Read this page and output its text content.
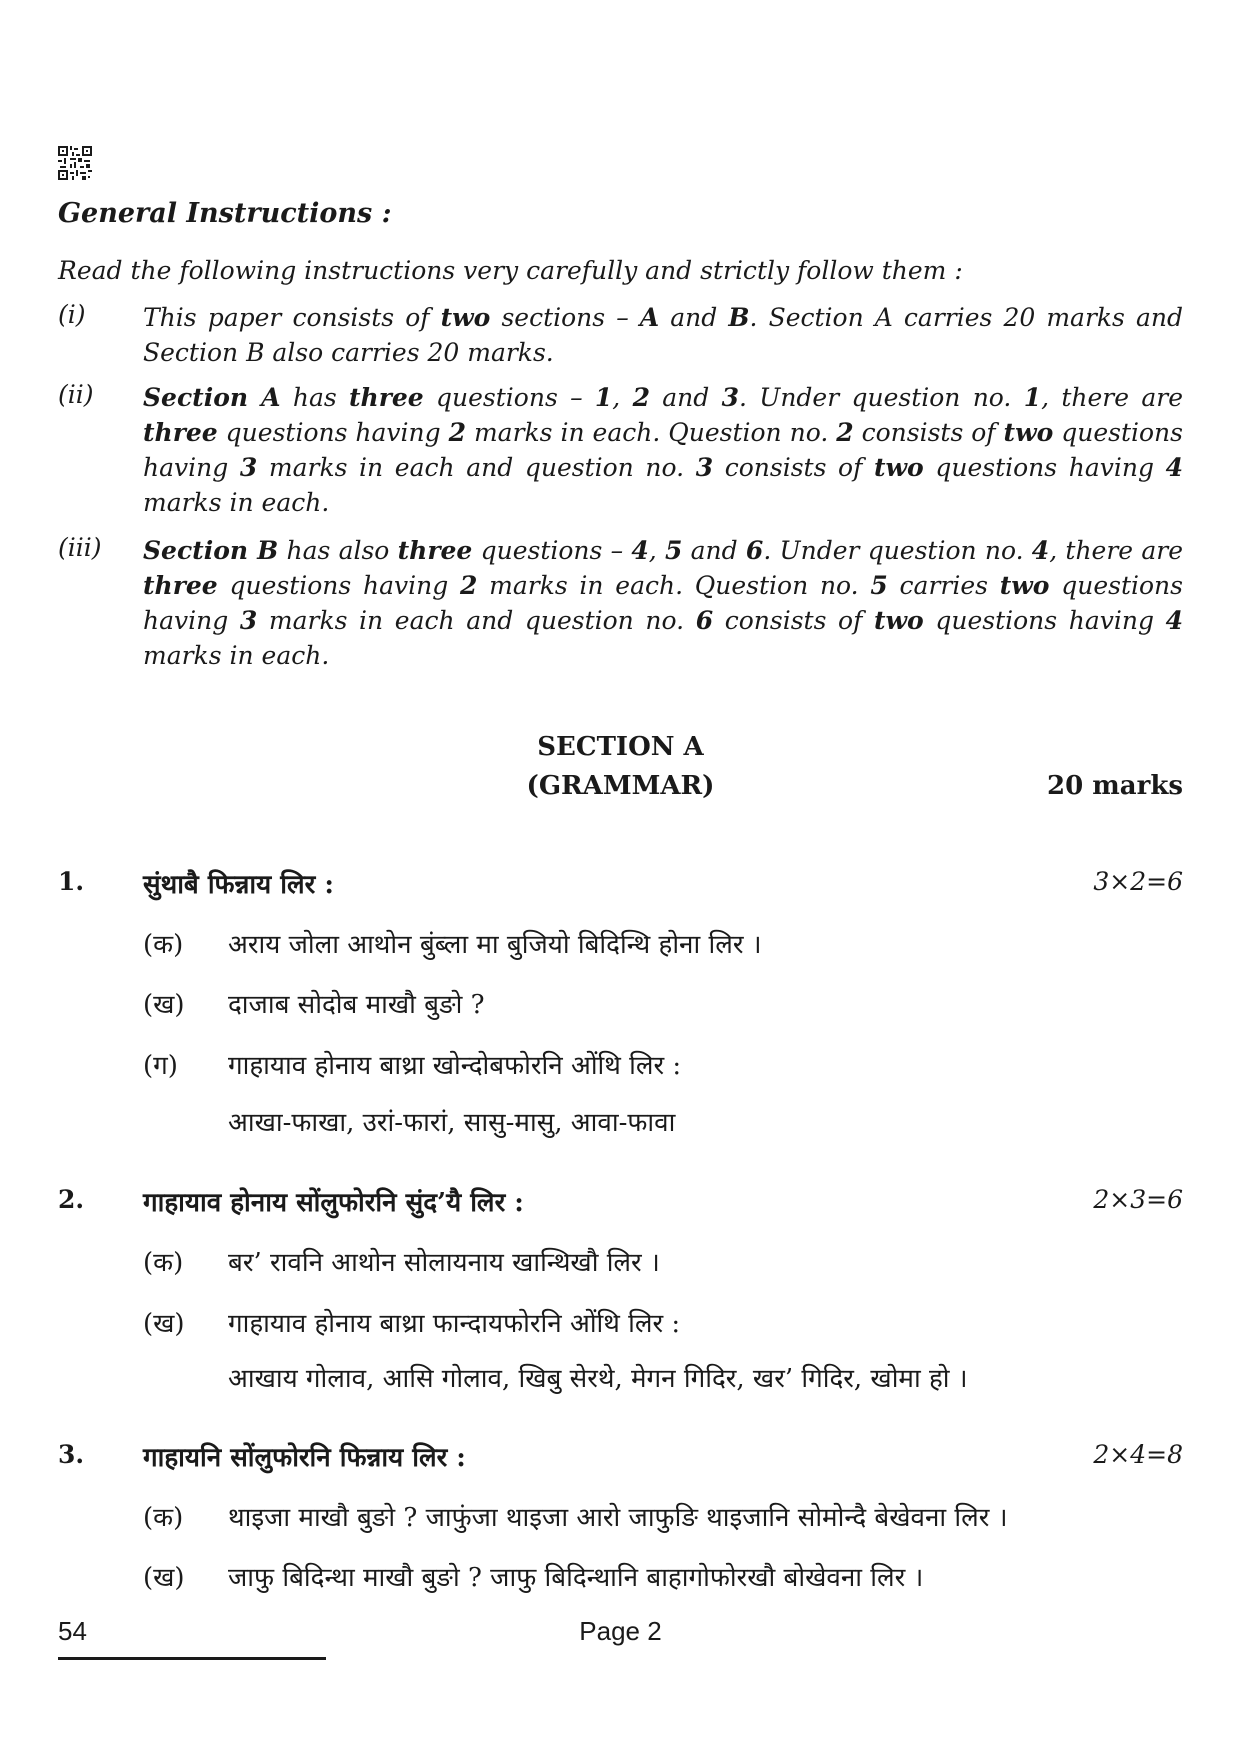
General Instructions :
Read the following instructions very carefully and strictly follow them :
(i) This paper consists of two sections – A and B. Section A carries 20 marks and Section B also carries 20 marks.
(ii) Section A has three questions – 1, 2 and 3. Under question no. 1, there are three questions having 2 marks in each. Question no. 2 consists of two questions having 3 marks in each and question no. 3 consists of two questions having 4 marks in each.
(iii) Section B has also three questions – 4, 5 and 6. Under question no. 4, there are three questions having 2 marks in each. Question no. 5 carries two questions having 3 marks in each and question no. 6 consists of two questions having 4 marks in each.
SECTION A
(GRAMMAR)	20 marks
1. सुंथाबै फिन्नाय लिर :	3×2=6
(क) अराय जोला आथोन बुंब्ला मा बुजियो बिदिन्थि होना लिर ।
(ख) दाजाब सोदोब माखौ बुङो ?
(ग) गाहायाव होनाय बाथ्रा खोन्दोबफोरनि ओंथि लिर :
आखा-फाखा, उरां-फारां, सासु-मासु, आवा-फावा
2. गाहायाव होनाय सोंलुफोरनि सुंद’यै लिर :	2×3=6
(क) बर’ रावनि आथोन सोलायनाय खान्थिखौ लिर ।
(ख) गाहायाव होनाय बाथ्रा फान्दायफोरनि ओंथि लिर :
आखाय गोलाव, आसि गोलाव, खिबु सेरथे, मेगन गिदिर, खर’ गिदिर, खोमा हो ।
3. गाहायनि सोंलुफोरनि फिन्नाय लिर :	2×4=8
(क) थाइजा माखौ बुङो ? जाफुंजा थाइजा आरो जाफुङि थाइजानि सोमोन्दै बेखेवना लिर ।
(ख) जाफु बिदिन्था माखौ बुङो ? जाफु बिदिन्थानि बाहागोफोरखौ बोखेवना लिर ।
54	Page 2
